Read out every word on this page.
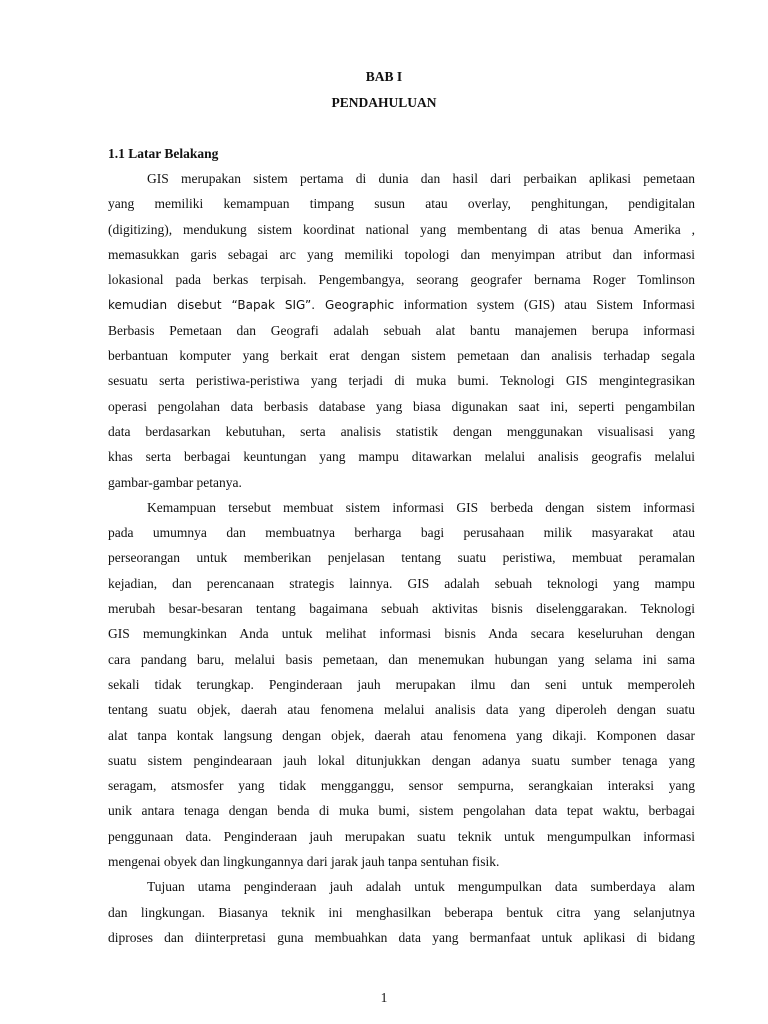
BAB I
PENDAHULUAN
1.1 Latar Belakang
GIS merupakan sistem pertama di dunia dan hasil dari perbaikan aplikasi pemetaan
yang memiliki kemampuan timpang susun atau overlay, penghitungan, pendigitalan
(digitizing), mendukung sistem koordinat national yang membentang di atas benua Amerika ,
memasukkan garis sebagai arc yang memiliki topologi dan menyimpan atribut dan informasi
lokasional pada berkas terpisah. Pengembangya, seorang geografer bernama Roger Tomlinson
kemudian disebut “Bapak SIG”. Geographic information system (GIS) atau Sistem Informasi
Berbasis Pemetaan dan Geografi adalah sebuah alat bantu manajemen berupa informasi
berbantuan komputer yang berkait erat dengan sistem pemetaan dan analisis terhadap segala
sesuatu serta peristiwa-peristiwa yang terjadi di muka bumi. Teknologi GIS mengintegrasikan
operasi pengolahan data berbasis database yang biasa digunakan saat ini, seperti pengambilan
data berdasarkan kebutuhan, serta analisis statistik dengan menggunakan visualisasi yang
khas serta berbagai keuntungan yang mampu ditawarkan melalui analisis geografis melalui
gambar-gambar petanya.
Kemampuan tersebut membuat sistem informasi GIS berbeda dengan sistem informasi
pada umumnya dan membuatnya berharga bagi perusahaan milik masyarakat atau
perseorangan untuk memberikan penjelasan tentang suatu peristiwa, membuat peramalan
kejadian, dan perencanaan strategis lainnya. GIS adalah sebuah teknologi yang mampu
merubah besar-besaran tentang bagaimana sebuah aktivitas bisnis diselenggarakan. Teknologi
GIS memungkinkan Anda untuk melihat informasi bisnis Anda secara keseluruhan dengan
cara pandang baru, melalui basis pemetaan, dan menemukan hubungan yang selama ini sama
sekali tidak terungkap. Penginderaan jauh merupakan ilmu dan seni untuk memperoleh
tentang suatu objek, daerah atau fenomena melalui analisis data yang diperoleh dengan suatu
alat tanpa kontak langsung dengan objek, daerah atau fenomena yang dikaji. Komponen dasar
suatu sistem pengindearaan jauh lokal ditunjukkan dengan adanya suatu sumber tenaga yang
seragam, atsmosfer yang tidak mengganggu, sensor sempurna, serangkaian interaksi yang
unik antara tenaga dengan benda di muka bumi, sistem pengolahan data tepat waktu, berbagai
penggunaan data. Penginderaan jauh merupakan suatu teknik untuk mengumpulkan informasi
mengenai obyek dan lingkungannya dari jarak jauh tanpa sentuhan fisik.
Tujuan utama penginderaan jauh adalah untuk mengumpulkan data sumberdaya alam
dan lingkungan. Biasanya teknik ini menghasilkan beberapa bentuk citra yang selanjutnya
diproses dan diinterpretasi guna membuahkan data yang bermanfaat untuk aplikasi di bidang
1
